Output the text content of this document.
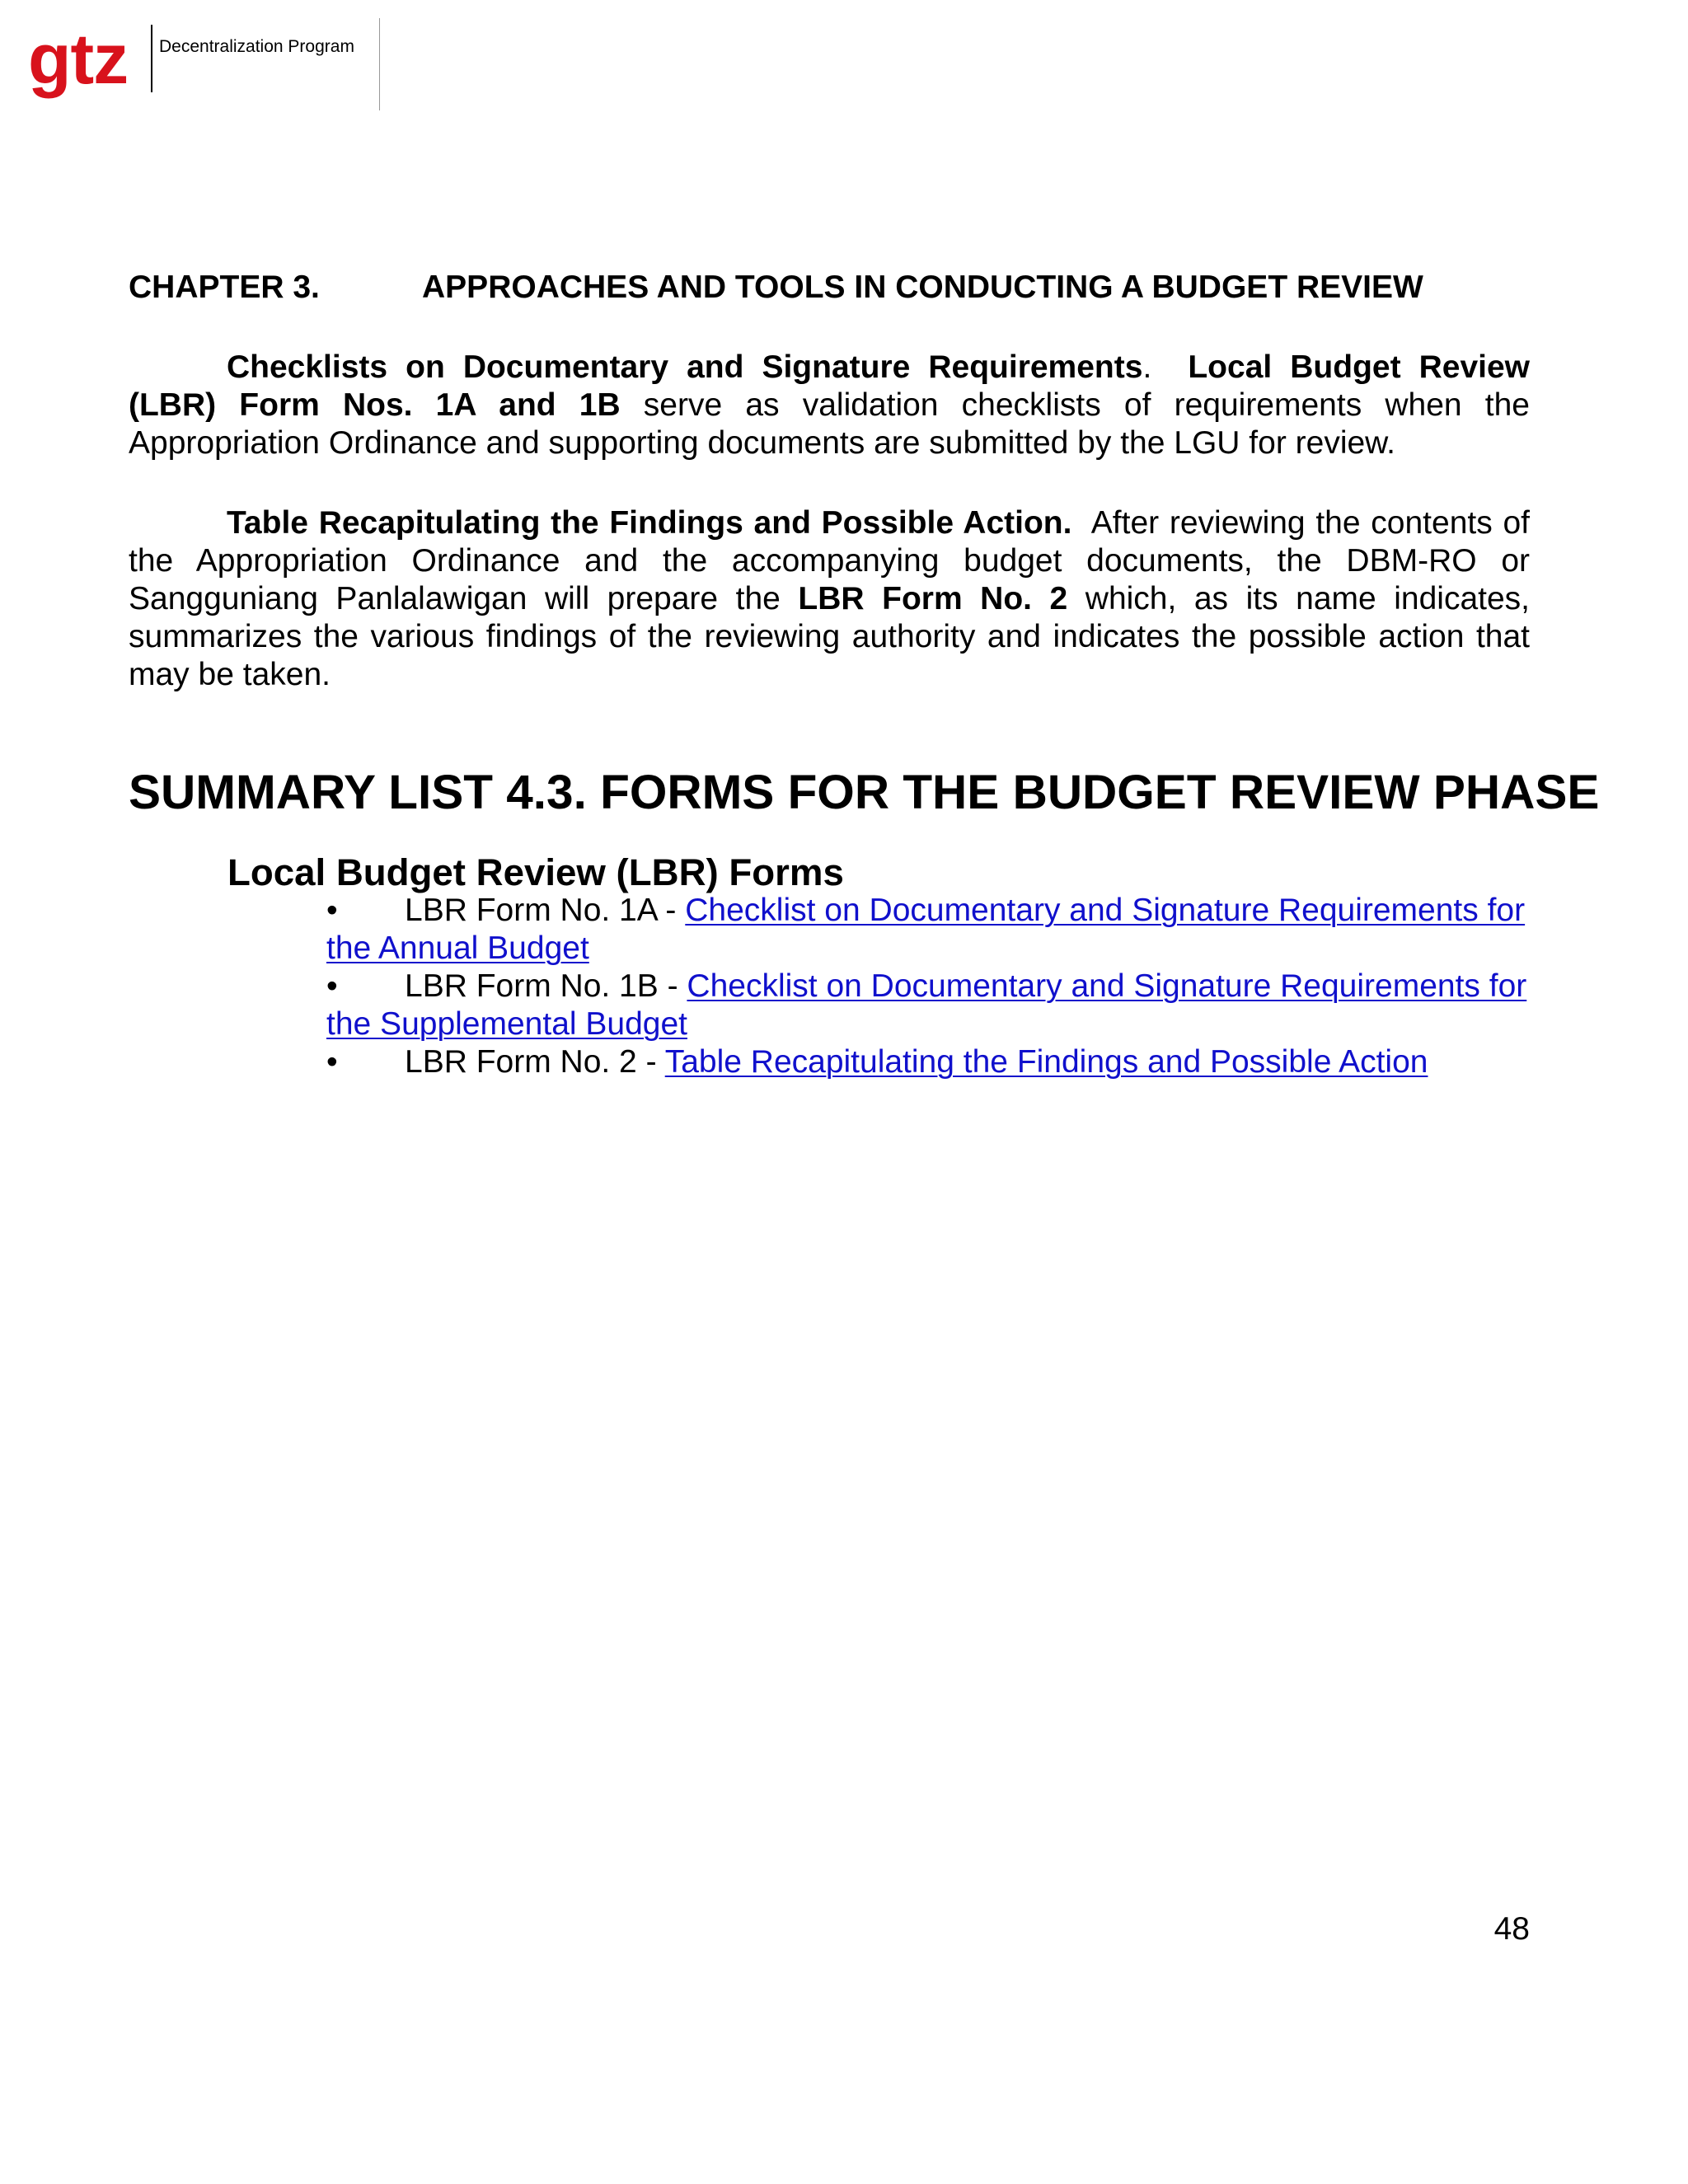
gtz Decentralization Program
CHAPTER 3.	APPROACHES AND TOOLS IN CONDUCTING A BUDGET REVIEW

Checklists on Documentary and Signature Requirements. Local Budget Review (LBR) Form Nos. 1A and 1B serve as validation checklists of requirements when the Appropriation Ordinance and supporting documents are submitted by the LGU for review.

Table Recapitulating the Findings and Possible Action. After reviewing the contents of the Appropriation Ordinance and the accompanying budget documents, the DBM-RO or Sangguniang Panlalawigan will prepare the LBR Form No. 2 which, as its name indicates, summarizes the various findings of the reviewing authority and indicates the possible action that may be taken.

SUMMARY LIST 4.3. FORMS FOR THE BUDGET REVIEW PHASE
Local Budget Review (LBR) Forms
• LBR Form No. 1A - Checklist on Documentary and Signature Requirements for the Annual Budget
• LBR Form No. 1B - Checklist on Documentary and Signature Requirements for the Supplemental Budget
• LBR Form No. 2 - Table Recapitulating the Findings and Possible Action
48
